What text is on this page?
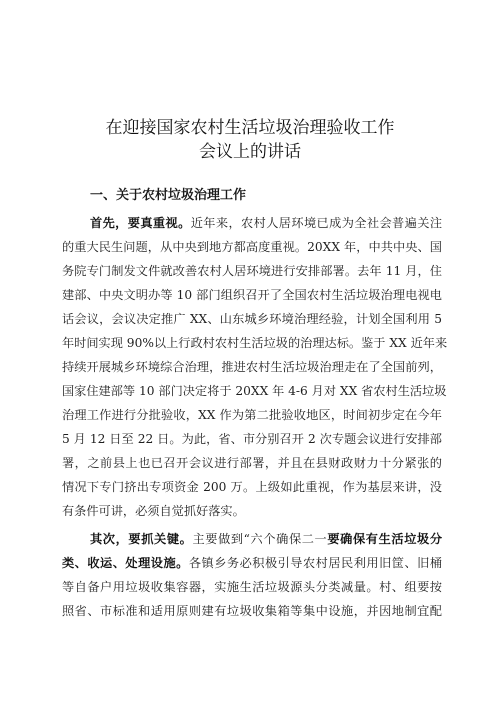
在迎接国家农村生活垃圾治理验收工作
会议上的讲话
一、关于农村垃圾治理工作
首先，要真重视。近年来，农村人居环境已成为全社会普遍关注
的重大民生问题，从中央到地方都高度重视。20XX 年，中共中央、国
务院专门制发文件就改善农村人居环境进行安排部署。去年 11 月，住
建部、中央文明办等 10 部门组织召开了全国农村生活垃圾治理电视电
话会议，会议决定推广 XX、山东城乡环境治理经验，计划全国利用 5
年时间实现 90%以上行政村农村生活垃圾的治理达标。鉴于 XX 近年来
持续开展城乡环境综合治理，推进农村生活垃圾治理走在了全国前列，
国家住建部等 10 部门决定将于 20XX 年 4-6 月对 XX 省农村生活垃圾
治理工作进行分批验收，XX 作为第二批验收地区，时间初步定在今年
5 月 12 日至 22 日。为此，省、市分别召开 2 次专题会议进行安排部
署，之前县上也已召开会议进行部署，并且在县财政财力十分紧张的
情况下专门挤出专项资金 200 万。上级如此重视，作为基层来讲，没
有条件可讲，必须自觉抓好落实。
其次，要抓关键。主要做到“六个确保二一要确保有生活垃圾分
类、收运、处理设施。各镇乡务必积极引导农村居民利用旧筐、旧桶
等自备户用垃圾收集容器，实施生活垃圾源头分类减量。村、组要按
照省、市标准和适用原则建有垃圾收集箱等集中设施，并因地制宜配
